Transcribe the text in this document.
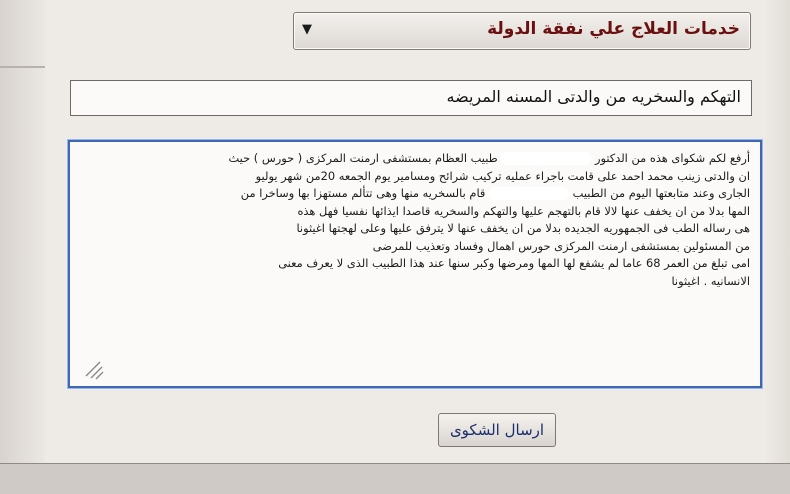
خدمات العلاج علي نفقة الدولة
▼
التهكم والسخريه من والدتى المسنه المريضه

أرفع لكم شكواى هذه من الدكتور  طبيب العظام بمستشفى ارمنت المركزى ( حورس ) حيث

ان والدتى زينب محمد احمد على قامت باجراء عمليه تركيب شرائح ومسامير يوم الجمعه 20من شهر يوليو

الجارى وعند متابعتها اليوم من الطبيب  قام بالسخريه منها وهى تتألم مستهزا بها وساخرا من

المها بدلا من ان يخفف عنها لالا قام بالتهجم عليها والتهكم والسخريه قاصدا ايذائها نفسيا فهل هذه

هى رساله الطب فى الجمهوريه الجديده بدلا من ان يخفف عنها لا يترفق عليها وعلى لهجتها اغيثونا

من المسئولين بمستشفى ارمنت المركزى حورس اهمال وفساد وتعذيب للمرضى

امى تبلغ من العمر 68 عاما لم يشفع لها المها ومرضها وكبر سنها عند هذا الطبيب الذى لا يعرف معنى

الانسانيه . اغيثونا

ارسال الشكوى
